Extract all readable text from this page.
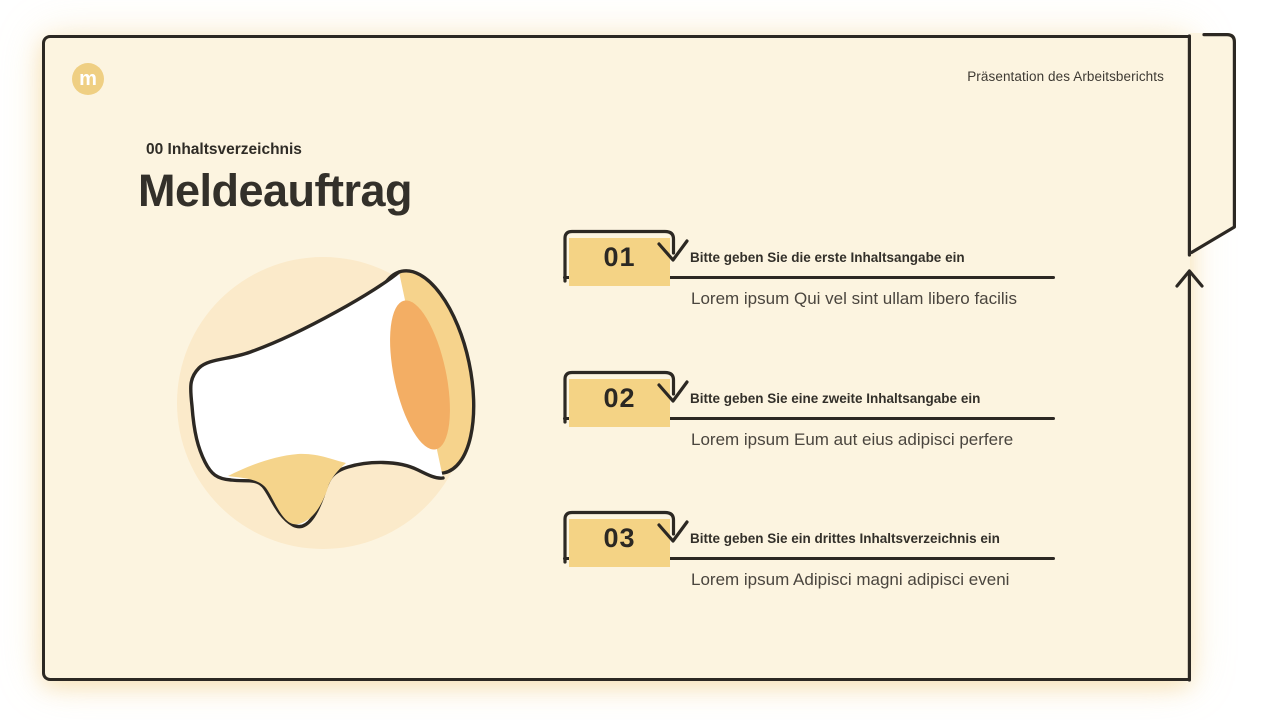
m	Präsentation des Arbeitsberichts
00 Inhaltsverzeichnis
Meldeauftrag
01	Bitte geben Sie die erste Inhaltsangabe ein
Lorem ipsum Qui vel sint ullam libero facilis
02	Bitte geben Sie eine zweite Inhaltsangabe ein
Lorem ipsum Eum aut eius adipisci perfere
03	Bitte geben Sie ein drittes Inhaltsverzeichnis ein
Lorem ipsum Adipisci magni adipisci eveni
